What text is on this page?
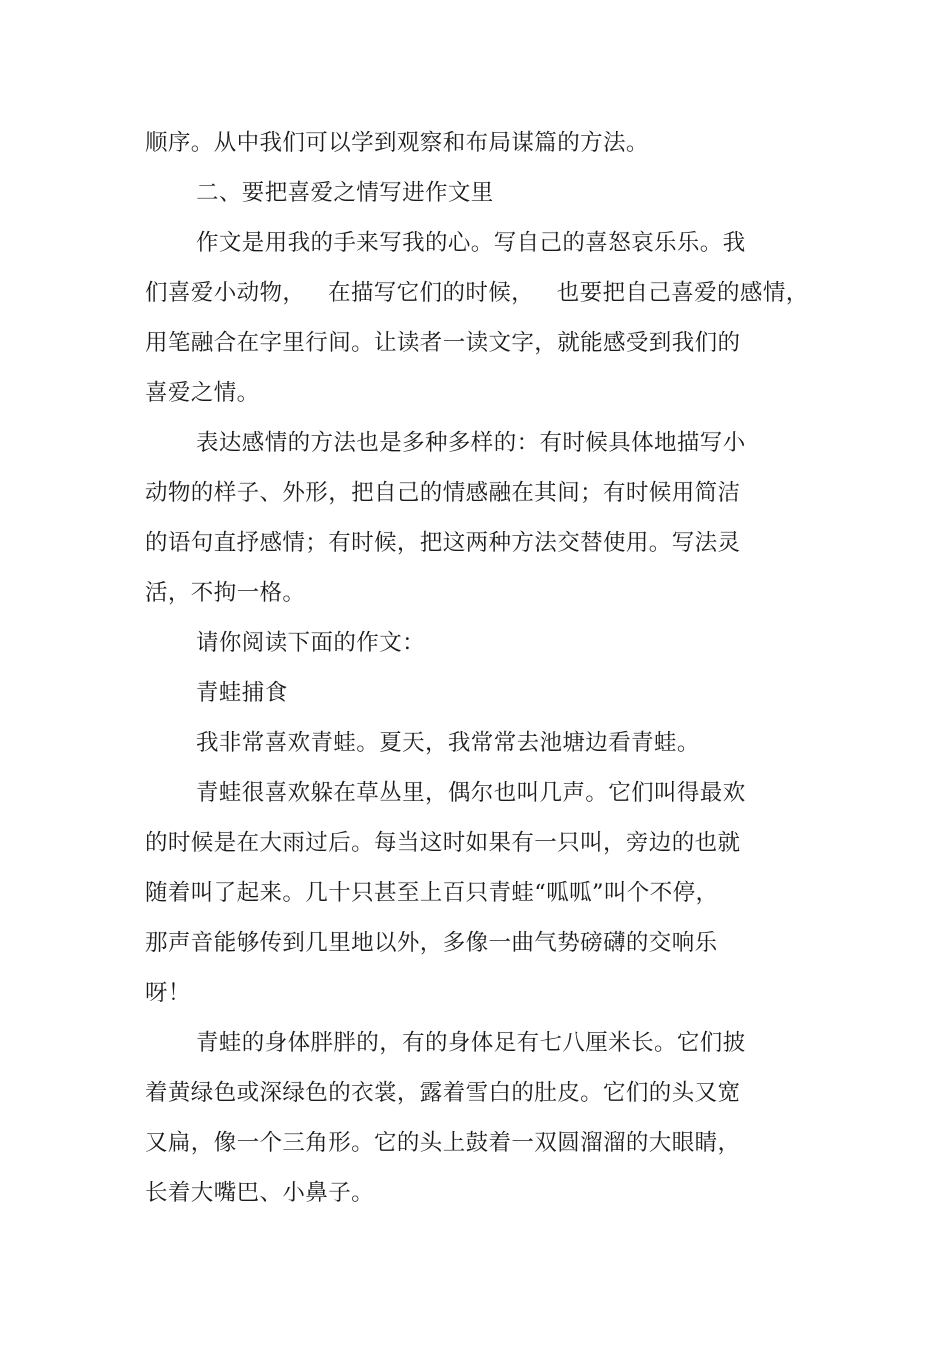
顺序。从中我们可以学到观察和布局谋篇的方法。
二、要把喜爱之情写进作文里
作文是用我的手来写我的心。写自己的喜怒哀乐乐。我
们喜爱小动物，   在描写它们的时候，   也要把自己喜爱的感情，
用笔融合在字里行间。让读者一读文字，就能感受到我们的
喜爱之情。
表达感情的方法也是多种多样的：有时候具体地描写小
动物的样子、外形，把自己的情感融在其间；有时候用简洁
的语句直抒感情；有时候，把这两种方法交替使用。写法灵
活，不拘一格。
请你阅读下面的作文：
青蛙捕食
我非常喜欢青蛙。夏天，我常常去池塘边看青蛙。
青蛙很喜欢躲在草丛里，偶尔也叫几声。它们叫得最欢
的时候是在大雨过后。每当这时如果有一只叫，旁边的也就
随着叫了起来。几十只甚至上百只青蛙“呱呱”叫个不停，
那声音能够传到几里地以外，多像一曲气势磅礴的交响乐
呀！
青蛙的身体胖胖的，有的身体足有七八厘米长。它们披
着黄绿色或深绿色的衣裳，露着雪白的肚皮。它们的头又宽
又扁，像一个三角形。它的头上鼓着一双圆溜溜的大眼睛，
长着大嘴巴、小鼻子。
